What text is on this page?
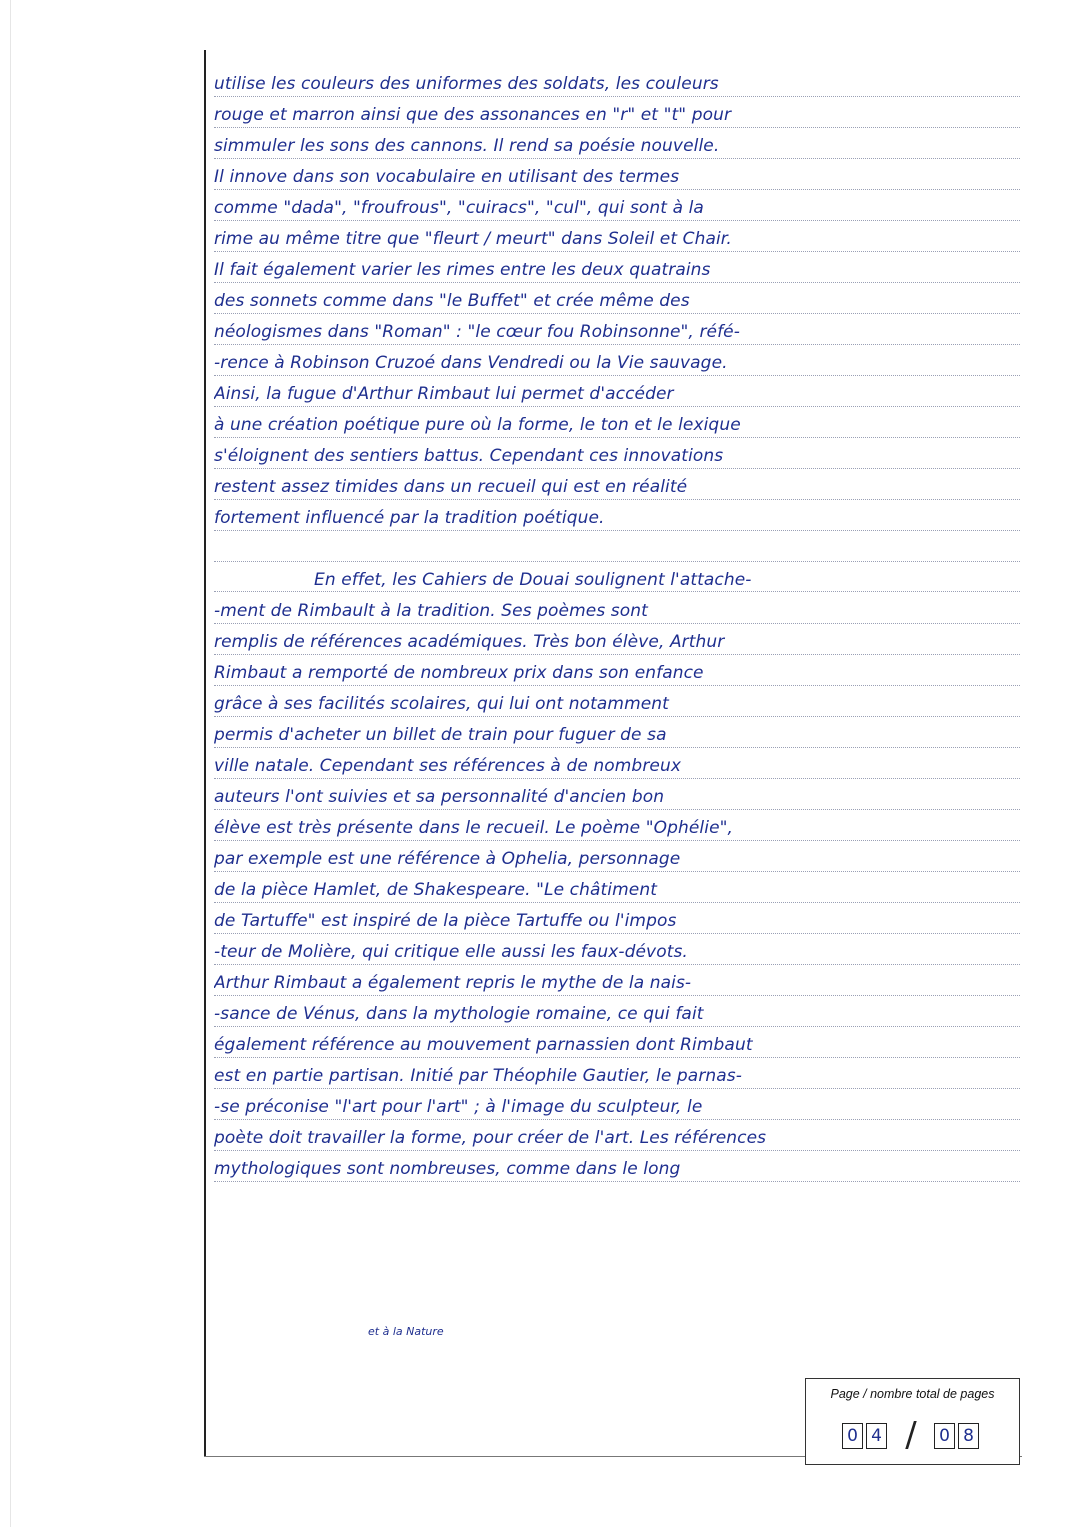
utilise les couleurs des uniformes des soldats, les couleurs
rouge et marron ainsi que des assonances en "r" et "t" pour
simmuler les sons des cannons. Il rend sa poésie nouvelle.
Il innove dans son vocabulaire en utilisant des termes
comme "dada", "froufrous", "cuiracs", "cul", qui sont à la
rime au même titre que "fleurt / meurt" dans Soleil et Chair.
Il fait également varier les rimes entre les deux quatrains
des sonnets comme dans "le Buffet" et crée même des
néologismes dans "Roman" : "le cœur fou Robinsonne", réfé-
-rence à Robinson Cruzoé dans Vendredi ou la Vie sauvage.
Ainsi, la fugue d'Arthur Rimbaut lui permet d'accéder
à une création poétique pure où la forme, le ton et le lexique
s'éloignent des sentiers battus. Cependant ces innovations
restent assez timides dans un recueil qui est en réalité
fortement influencé par la tradition poétique.
En effet, les Cahiers de Douai soulignent l'attache-
-ment de Rimbault à la tradition. Ses poèmes sont
remplis de références académiques. Très bon élève, Arthur
Rimbaut a remporté de nombreux prix dans son enfance
grâce à ses facilités scolaires, qui lui ont notamment
permis d'acheter un billet de train pour fuguer de sa
ville natale. Cependant ses références à de nombreux
auteurs l'ont suivies et sa personnalité d'ancien bon
élève est très présente dans le recueil. Le poème "Ophélie",
par exemple est une référence à Ophelia, personnage
de la pièce Hamlet, de Shakespeare. "Le châtiment
de Tartuffe" est inspiré de la pièce Tartuffe ou l'impos
-teur de Molière, qui critique elle aussi les faux-dévots.
Arthur Rimbaut a également repris le mythe de la nais-
-sance de Vénus, dans la mythologie romaine, ce qui fait
également référence au mouvement parnassien dont Rimbaut
est en partie partisan. Initié par Théophile Gautier, le parnas-
-se préconise "l'art pour l'art" ; à l'image du sculpteur, le
poète doit travailler la forme, pour créer de l'art. Les références
mythologiques sont nombreuses, comme dans le long
et à la Nature
Page / nombre total de pages
0 4 /	0 8
